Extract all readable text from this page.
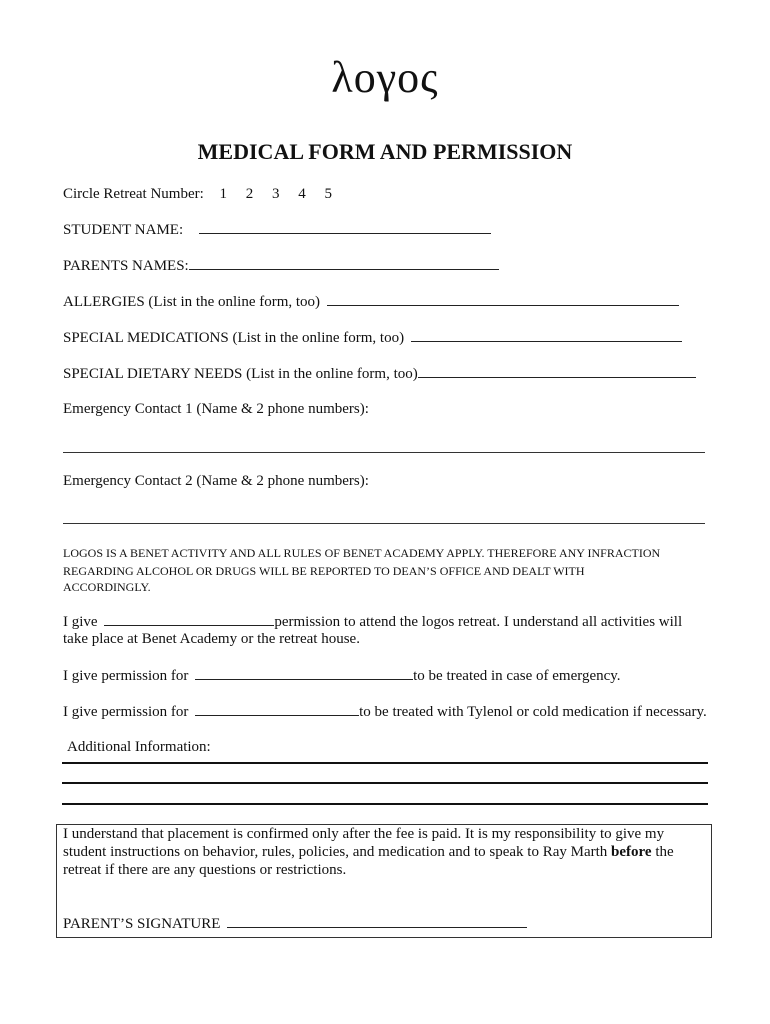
λογος
MEDICAL FORM AND PERMISSION
Circle Retreat Number: 1 2 3 4 5
STUDENT NAME:
PARENTS NAMES:
ALLERGIES (List in the online form, too)
SPECIAL MEDICATIONS (List in the online form, too)
SPECIAL DIETARY NEEDS (List in the online form, too)
Emergency Contact 1 (Name & 2 phone numbers):
Emergency Contact 2 (Name & 2 phone numbers):
LOGOS IS A BENET ACTIVITY AND ALL RULES OF BENET ACADEMY APPLY. THEREFORE ANY INFRACTION
REGARDING ALCOHOL OR DRUGS WILL BE REPORTED TO DEAN’S OFFICE AND DEALT WITH
ACCORDINGLY.
I give	permission to attend the logos retreat. I understand all activities will
take place at Benet Academy or the retreat house.
I give permission for	to be treated in case of emergency.
I give permission for	to be treated with Tylenol or cold medication if necessary.
Additional Information:
I understand that placement is confirmed only after the fee is paid. It is my responsibility to give my
student instructions on behavior, rules, policies, and medication and to speak to Ray Marth before the
retreat if there are any questions or restrictions.
PARENT’S SIGNATURE
